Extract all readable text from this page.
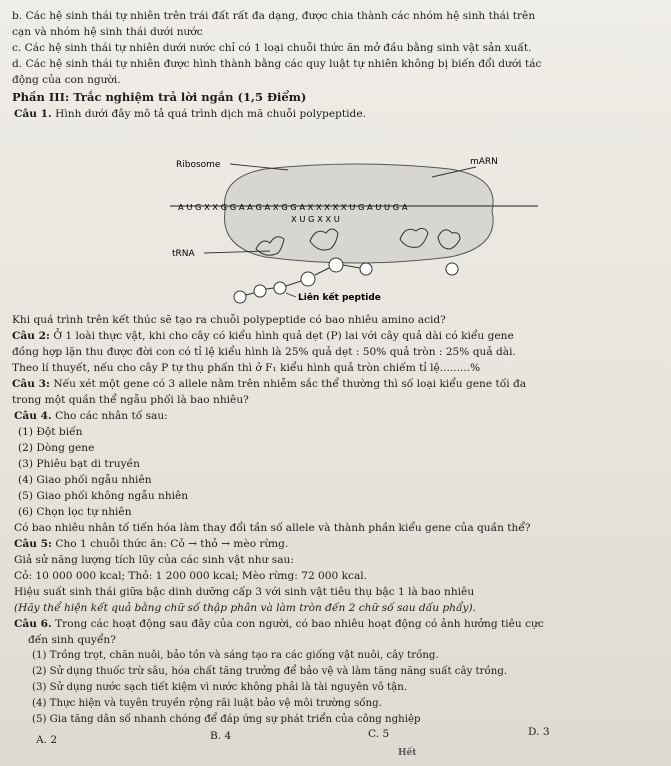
b. Các hệ sinh thái tự nhiên trên trái đất rất đa dạng, được chia thành các nhóm hệ sinh thái trên
cạn và nhóm hệ sinh thái dưới nước
c. Các hệ sinh thái tự nhiên dưới nước chỉ có 1 loại chuỗi thức ăn mở đầu bằng sinh vật sản xuất.
d. Các hệ sinh thái tự nhiên được hình thành bằng các quy luật tự nhiên không bị biến đổi dưới tác
động của con người.
Phần III: Trắc nghiệm trả lời ngắn (1,5 Điểm)
Câu 1. Hình dưới đây mô tả quá trình dịch mã chuỗi polypeptide.
A U G X X G G A A G A X G G A X X X X X U G A U U G A
X U G X X U
Ribosome	mARN
tRNA
Liên kết peptide
Khi quá trình trên kết thúc sẽ tạo ra chuỗi polypeptide có bao nhiêu amino acid?
Câu 2: Ở 1 loài thực vật, khi cho cây có kiểu hình quả dẹt (P) lai với cây quả dài có kiểu gene
đồng hợp lặn thu được đời con có tỉ lệ kiểu hình là 25% quả dẹt : 50% quả tròn : 25% quả dài.
Theo lí thuyết, nếu cho cây P tự thụ phấn thì ở F₁ kiểu hình quả tròn chiếm tỉ lệ.........%
Câu 3: Nếu xét một gene có 3 allele nằm trên nhiễm sắc thể thường thì số loại kiểu gene tối đa
trong một quần thể ngẫu phối là bao nhiêu?
Câu 4. Cho các nhân tố sau:
(1) Đột biến
(2) Dòng gene
(3) Phiêu bạt di truyền
(4) Giao phối ngẫu nhiên
(5) Giao phối không ngẫu nhiên
(6) Chọn lọc tự nhiên
Có bao nhiêu nhân tố tiến hóa làm thay đổi tần số allele và thành phần kiểu gene của quần thể?
Câu 5: Cho 1 chuỗi thức ăn: Cỏ → thỏ → mèo rừng.
Giả sử năng lượng tích lũy của các sinh vật như sau:
Cỏ: 10 000 000 kcal; Thỏ: 1 200 000 kcal; Mèo rừng: 72 000 kcal.
Hiệu suất sinh thái giữa bậc dinh dưỡng cấp 3 với sinh vật tiêu thụ bậc 1 là bao nhiêu
(Hãy thể hiện kết quả bằng chữ số thập phân và làm tròn đến 2 chữ số sau dấu phẩy).
Câu 6. Trong các hoạt động sau đây của con người, có bao nhiêu hoạt động có ảnh hưởng tiêu cực
đến sinh quyển?
(1) Trồng trọt, chăn nuôi, bảo tồn và sáng tạo ra các giống vật nuôi, cây trồng.
(2) Sử dụng thuốc trừ sâu, hóa chất tăng trưởng để bảo vệ và làm tăng năng suất cây trồng.
(3) Sử dụng nước sạch tiết kiệm vì nước không phải là tài nguyên vô tận.
(4) Thực hiện và tuyên truyền rộng rãi luật bảo vệ môi trường sống.
(5) Gia tăng dân số nhanh chóng để đáp ứng sự phát triển của công nghiệp
A. 2	B. 4	C. 5	D. 3
Hết
